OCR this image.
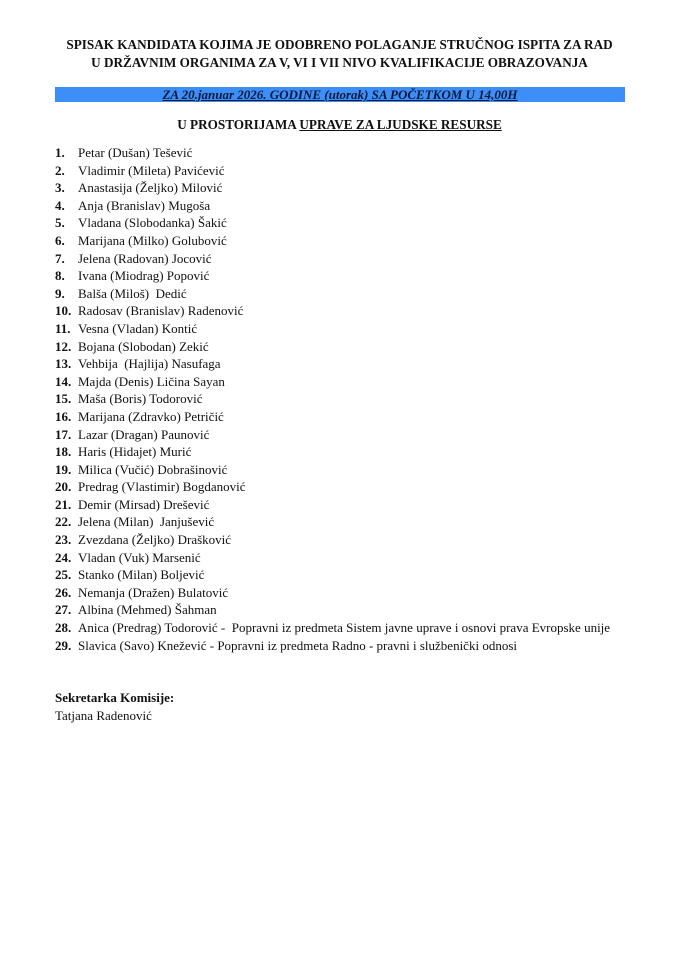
SPISAK KANDIDATA KOJIMA JE ODOBRENO POLAGANJE STRUČNOG ISPITA ZA RAD
U DRŽAVNIM ORGANIMA ZA V, VI I VII NIVO KVALIFIKACIJE OBRAZOVANJA
ZA 20.januar 2026. GODINE (utorak) SA POČETKOM U 14,00H
U PROSTORIJAMA UPRAVE ZA LJUDSKE RESURSE
1. Petar (Dušan) Tešević
2. Vladimir (Mileta) Pavićević
3. Anastasija (Željko) Milović
4. Anja (Branislav) Mugoša
5. Vladana (Slobodanka) Šakić
6. Marijana (Milko) Golubović
7. Jelena (Radovan) Jocović
8. Ivana (Miodrag) Popović
9. Balša (Miloš)  Dedić
10. Radosav (Branislav) Radenović
11. Vesna (Vladan) Kontić
12. Bojana (Slobodan) Zekić
13. Vehbija  (Hajlija) Nasufaga
14. Majda (Denis) Ličina Sayan
15. Maša (Boris) Todorović
16. Marijana (Zdravko) Petričić
17. Lazar (Dragan) Paunović
18. Haris (Hidajet) Murić
19. Milica (Vučić) Dobrašinović
20. Predrag (Vlastimir) Bogdanović
21. Demir (Mirsad) Drešević
22. Jelena (Milan)  Janjušević
23. Zvezdana (Željko) Drašković
24. Vladan (Vuk) Marsenić
25. Stanko (Milan) Boljević
26. Nemanja (Dražen) Bulatović
27. Albina (Mehmed) Šahman
28. Anica (Predrag) Todorović -  Popravni iz predmeta Sistem javne uprave i osnovi prava Evropske unije
29. Slavica (Savo) Knežević - Popravni iz predmeta Radno - pravni i službenički odnosi
Sekretarka Komisije:
Tatjana Radenović
